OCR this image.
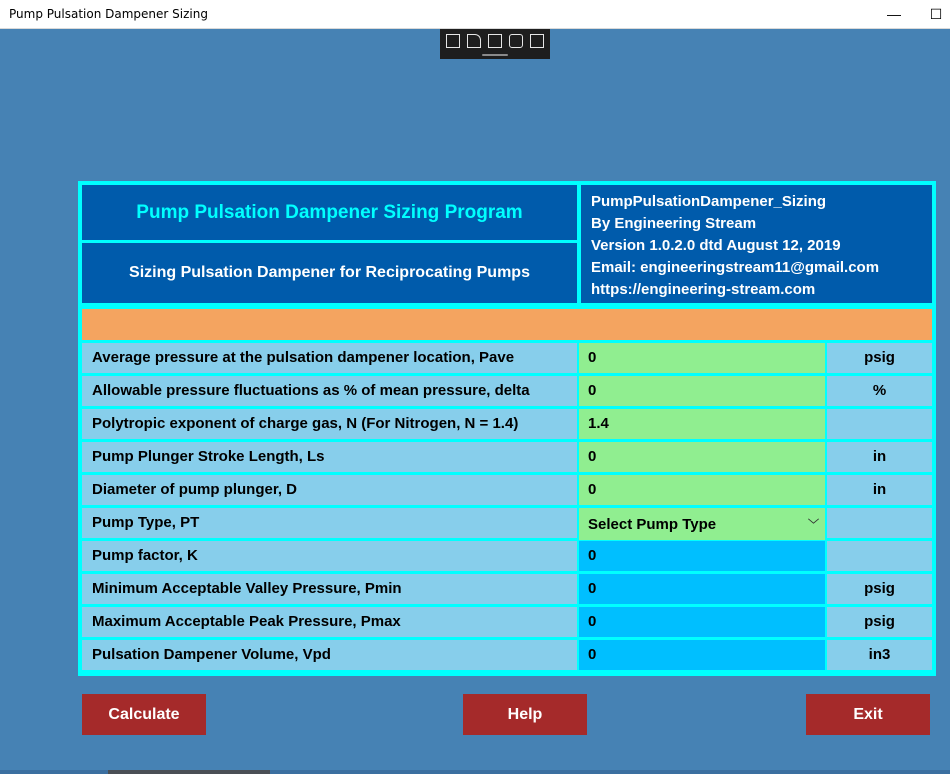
Pump Pulsation Dampener Sizing	—	☐
Pump Pulsation Dampener Sizing Program
Sizing Pulsation Dampener for Reciprocating Pumps
PumpPulsationDampener_Sizing
By Engineering Stream
Version 1.0.2.0 dtd August 12, 2019
Email: engineeringstream11@gmail.com
https://engineering-stream.com
Average pressure at the pulsation dampener location, Pave	0	psig
Allowable pressure fluctuations as % of mean pressure, delta	0	%
Polytropic exponent of charge gas, N (For Nitrogen, N = 1.4)	1.4
Pump Plunger Stroke Length, Ls	0	in
Diameter of pump plunger, D	0	in
Pump Type, PT	Select Pump Type	﹀
Pump factor, K	0
Minimum Acceptable Valley Pressure, Pmin	0	psig
Maximum Acceptable Peak Pressure, Pmax	0	psig
Pulsation Dampener Volume, Vpd	0	in3
Calculate	Help	Exit
